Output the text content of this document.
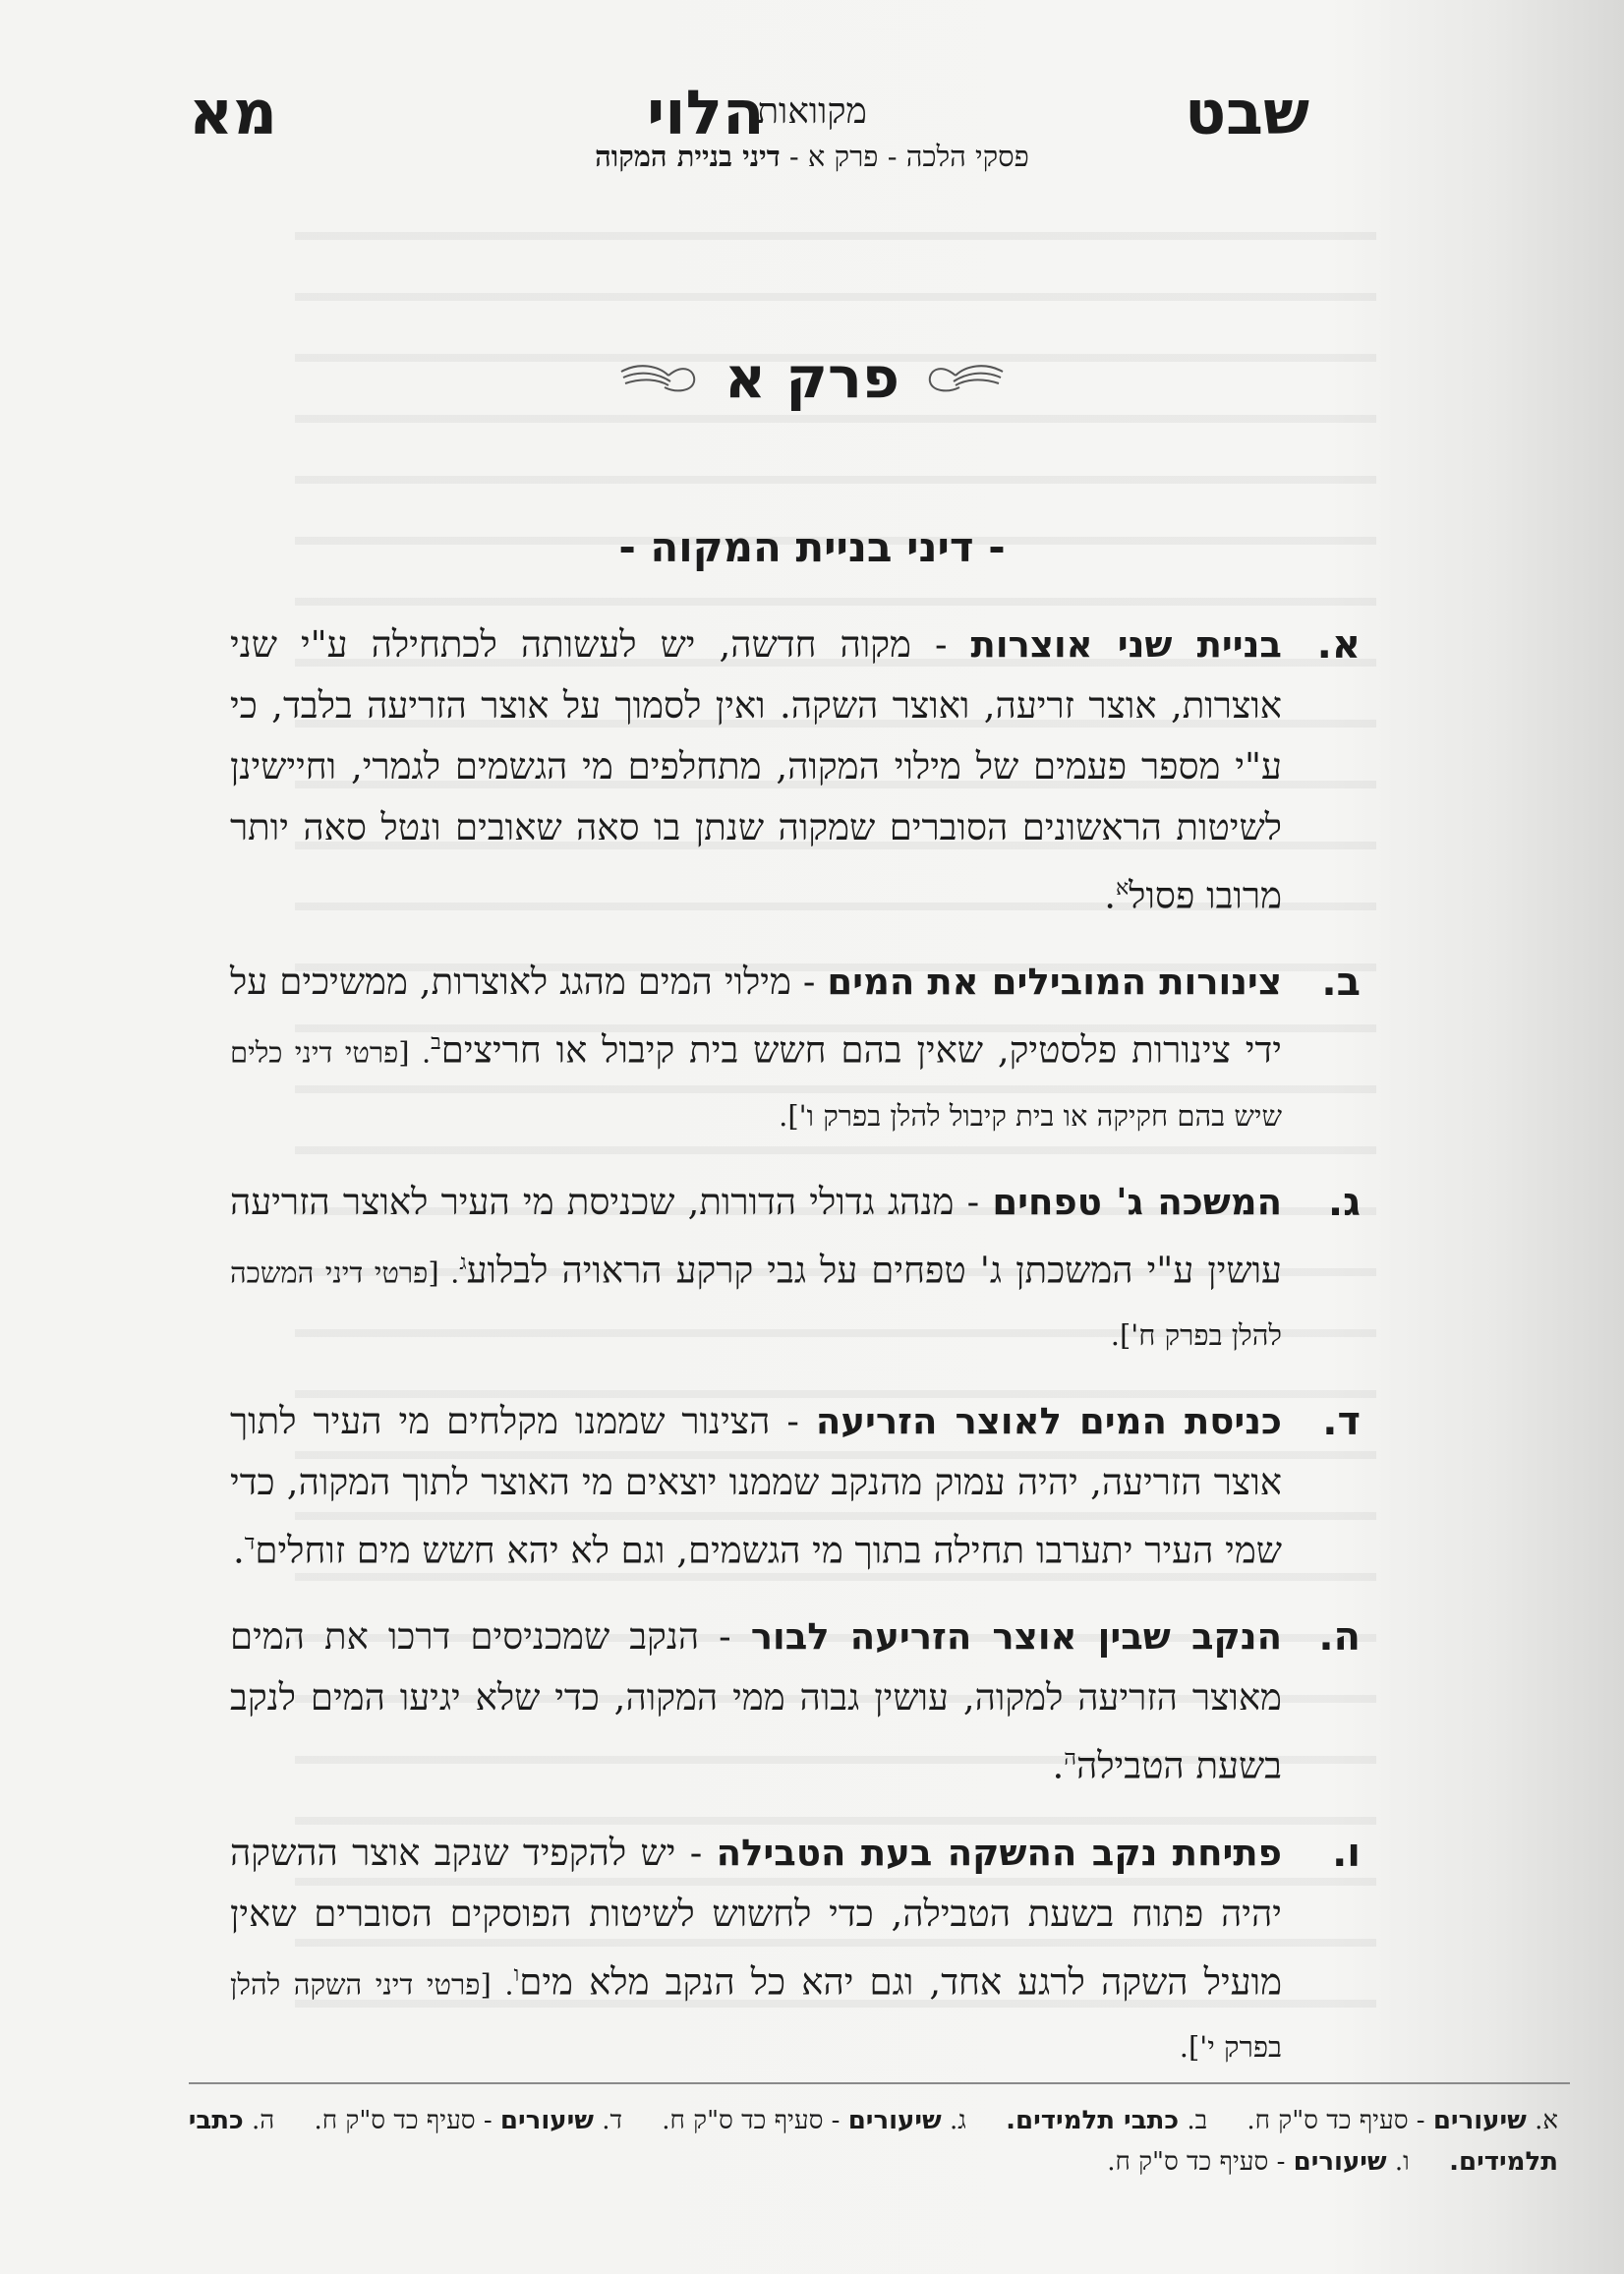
שבט
הלוי
מא	מקוואות
פסקי הלכה - פרק א - דיני בניית המקוה
פרק א
- דיני בניית המקוה -
א.
בניית שני אוצרות - מקוה חדשה, יש לעשותה לכתחילה ע"י שני אוצרות, אוצר זריעה, ואוצר השקה. ואין לסמוך על אוצר הזריעה בלבד, כי ע"י מספר פעמים של מילוי המקוה, מתחלפים מי הגשמים לגמרי, וחיישינן לשיטות הראשונים הסוברים שמקוה שנתן בו סאה שאובים ונטל סאה יותר מרובו פסול$^א$.
ב.
צינורות המובילים את המים - מילוי המים מהגג לאוצרות, ממשיכים על ידי צינורות פלסטיק, שאין בהם חשש בית קיבול או חריצים$^ב$. [פרטי דיני כלים שיש בהם חקיקה או בית קיבול להלן בפרק ו'].
ג.
המשכה ג' טפחים - מנהג גדולי הדורות, שכניסת מי העיר לאוצר הזריעה עושין ע"י המשכתן ג' טפחים על גבי קרקע הראויה לבלוע$^ג$. [פרטי דיני המשכה להלן בפרק ח'].
ד.
כניסת המים לאוצר הזריעה - הצינור שממנו מקלחים מי העיר לתוך אוצר הזריעה, יהיה עמוק מהנקב שממנו יוצאים מי האוצר לתוך המקוה, כדי שמי העיר יתערבו תחילה בתוך מי הגשמים, וגם לא יהא חשש מים זוחלים$^ד$.
ה.
הנקב שבין אוצר הזריעה לבור - הנקב שמכניסים דרכו את המים מאוצר הזריעה למקוה, עושין גבוה ממי המקוה, כדי שלא יגיעו המים לנקב בשעת הטבילה$^ה$.
ו.
פתיחת נקב ההשקה בעת הטבילה - יש להקפיד שנקב אוצר ההשקה יהיה פתוח בשעת הטבילה, כדי לחשוש לשיטות הפוסקים הסוברים שאין מועיל השקה לרגע אחד, וגם יהא כל הנקב מלא מים$^ו$. [פרטי דיני השקה להלן בפרק י'].
א. שיעורים - סעיף כד ס"ק ח. ב. כתבי תלמידים. ג. שיעורים - סעיף כד ס"ק ח. ד. שיעורים - סעיף כד ס"ק ח. ה. כתבי תלמידים. ו. שיעורים - סעיף כד ס"ק ח.
